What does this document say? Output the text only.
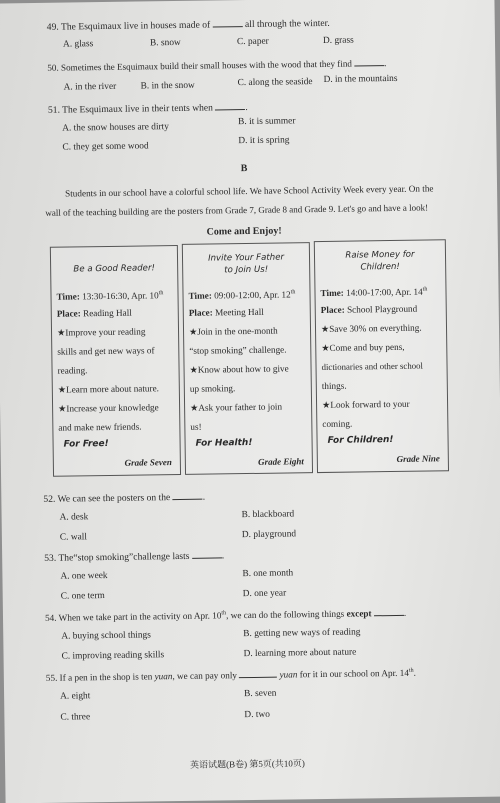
49. The Esquimaux live in houses made of	all through the winter.
A. glass	B. snow	C. paper	D. grass
50. Sometimes the Esquimaux build their small houses with the wood that they find	.
A. in the river	B. in the snow	C. along the seaside D. in the mountains
51. The Esquimaux live in their tents when	.
A. the snow houses are dirty
B. it is summer
C. they get some wood
D. it is spring
B
Students in our school have a colorful school life. We have School Activity Week every year. On the
wall of the teaching building are the posters from Grade 7, Grade 8 and Grade 9. Let's go and have a look!
Come and Enjoy!
Be a Good Reader!
Time: 13:30-16:30, Apr. 10th
Place: Reading Hall
★Improve your reading
skills and get new ways of
reading.
★Learn more about nature.
★Increase your knowledge
and make new friends.
For Free!
Grade Seven
Invite Your Father to Join Us!
Time: 09:00-12:00, Apr. 12th
Place: Meeting Hall
★Join in the one-month
“stop smoking” challenge.
★Know about how to give
up smoking.
★Ask your father to join
us!
For Health!
Grade Eight
Raise Money for Children!
Time: 14:00-17:00, Apr. 14th
Place: School Playground
★Save 30% on everything.
★Come and buy pens,
dictionaries and other school
things.
★Look forward to your
coming.
For Children!
Grade Nine
52. We can see the posters on the	.
A. desk	B. blackboard
C. wall	D. playground
53. The“stop smoking”challenge lasts	.
A. one week	B. one month
C. one term	D. one year
54. When we take part in the activity on Apr. 10th, we can do the following things except	.
A. buying school things	B. getting new ways of reading
C. improving reading skills	D. learning more about nature
55. If a pen in the shop is ten yuan, we can pay only	yuan for it in our school on Apr. 14th.
A. eight	B. seven
C. three	D. two
英语试题(B卷) 第5页(共10页)
